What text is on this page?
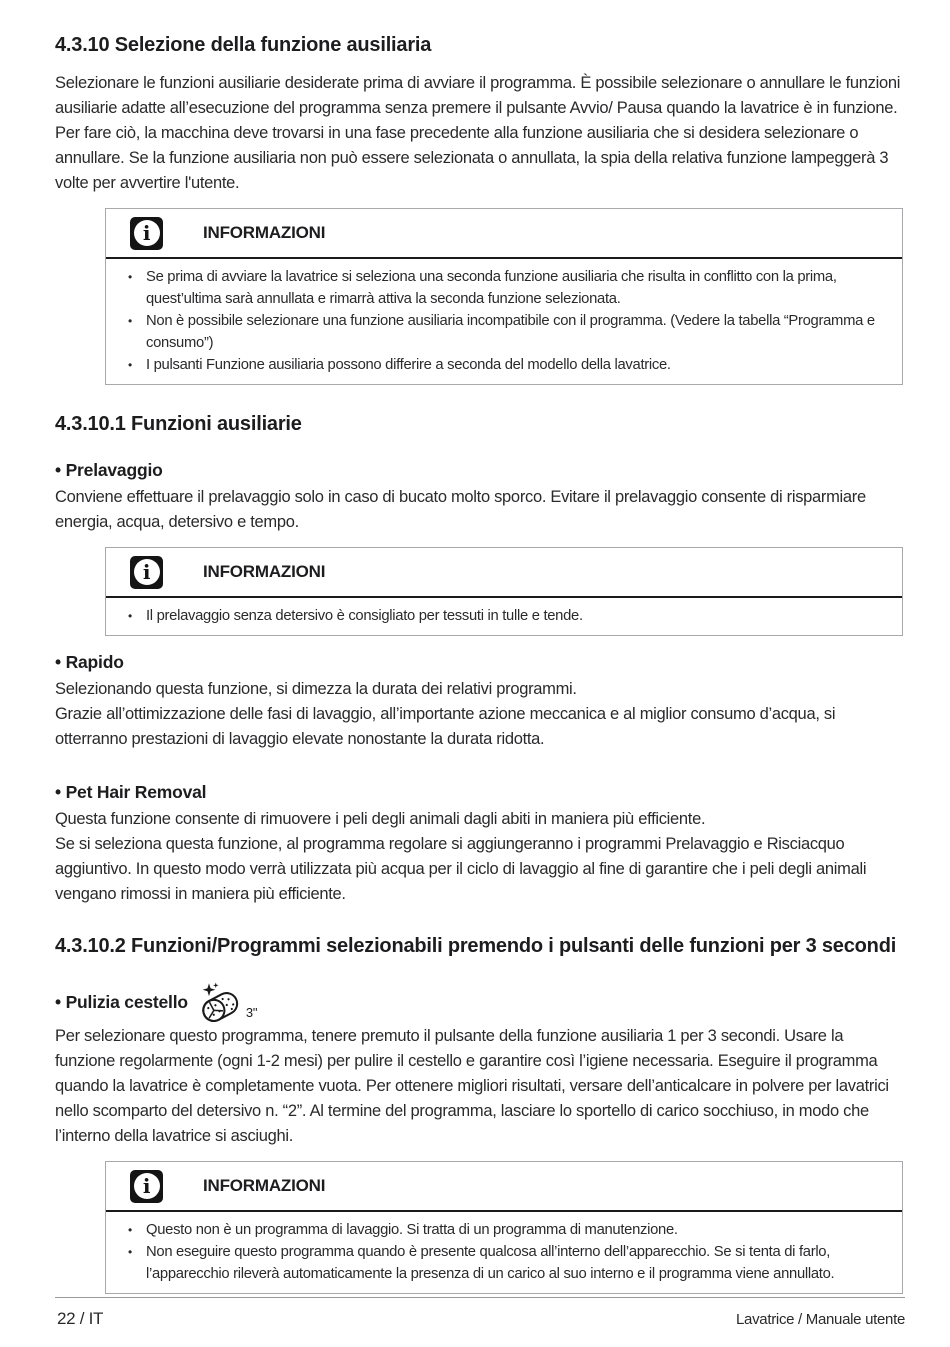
4.3.10 Selezione della funzione ausiliaria

Selezionare le funzioni ausiliarie desiderate prima di avviare il programma. È possibile selezionare o annullare le funzioni ausiliarie adatte all’esecuzione del programma senza premere il pulsante Avvio/ Pausa quando la lavatrice è in funzione. Per fare ciò, la macchina deve trovarsi in una fase precedente alla funzione ausiliaria che si desidera selezionare o annullare. Se la funzione ausiliaria non può essere selezionata o annullata, la spia della relativa funzione lampeggerà 3 volte per avvertire l'utente.

i	INFORMAZIONI
• Se prima di avviare la lavatrice si seleziona una seconda funzione ausiliaria che risulta in conflitto con la prima, quest’ultima sarà annullata e rimarrà attiva la seconda funzione selezionata.
• Non è possibile selezionare una funzione ausiliaria incompatibile con il programma. (Vedere la tabella “Programma e consumo”)
• I pulsanti Funzione ausiliaria possono differire a seconda del modello della lavatrice.
4.3.10.1 Funzioni ausiliarie
• Prelavaggio

Conviene effettuare il prelavaggio solo in caso di bucato molto sporco. Evitare il prelavaggio consente di risparmiare energia, acqua, detersivo e tempo.

i	INFORMAZIONI
• Il prelavaggio senza detersivo è consigliato per tessuti in tulle e tende.
• Rapido

Selezionando questa funzione, si dimezza la durata dei relativi programmi.

Grazie all’ottimizzazione delle fasi di lavaggio, all’importante azione meccanica e al miglior consumo d’acqua, si otterranno prestazioni di lavaggio elevate nonostante la durata ridotta.

• Pet Hair Removal

Questa funzione consente di rimuovere i peli degli animali dagli abiti in maniera più efficiente.

Se si seleziona questa funzione, al programma regolare si aggiungeranno i programmi Prelavaggio e Risciacquo aggiuntivo. In questo modo verrà utilizzata più acqua per il ciclo di lavaggio al fine di garantire che i peli degli animali vengano rimossi in maniera più efficiente.

4.3.10.2 Funzioni/Programmi selezionabili premendo i pulsanti delle funzioni per 3 secondi
• Pulizia cestello
3"

Per selezionare questo programma, tenere premuto il pulsante della funzione ausiliaria 1 per 3 secondi. Usare la funzione regolarmente (ogni 1-2 mesi) per pulire il cestello e garantire così l’igiene necessaria. Eseguire il programma quando la lavatrice è completamente vuota. Per ottenere migliori risultati, versare dell’anticalcare in polvere per lavatrici nello scomparto del detersivo n. “2”. Al termine del programma, lasciare lo sportello di carico socchiuso, in modo che l’interno della lavatrice si asciughi.

i	INFORMAZIONI
• Questo non è un programma di lavaggio. Si tratta di un programma di manutenzione.
• Non eseguire questo programma quando è presente qualcosa all’interno dell’apparecchio. Se si tenta di farlo, l’apparecchio rileverà automaticamente la presenza di un carico al suo interno e il programma viene annullato.
22 / IT	Lavatrice / Manuale utente
